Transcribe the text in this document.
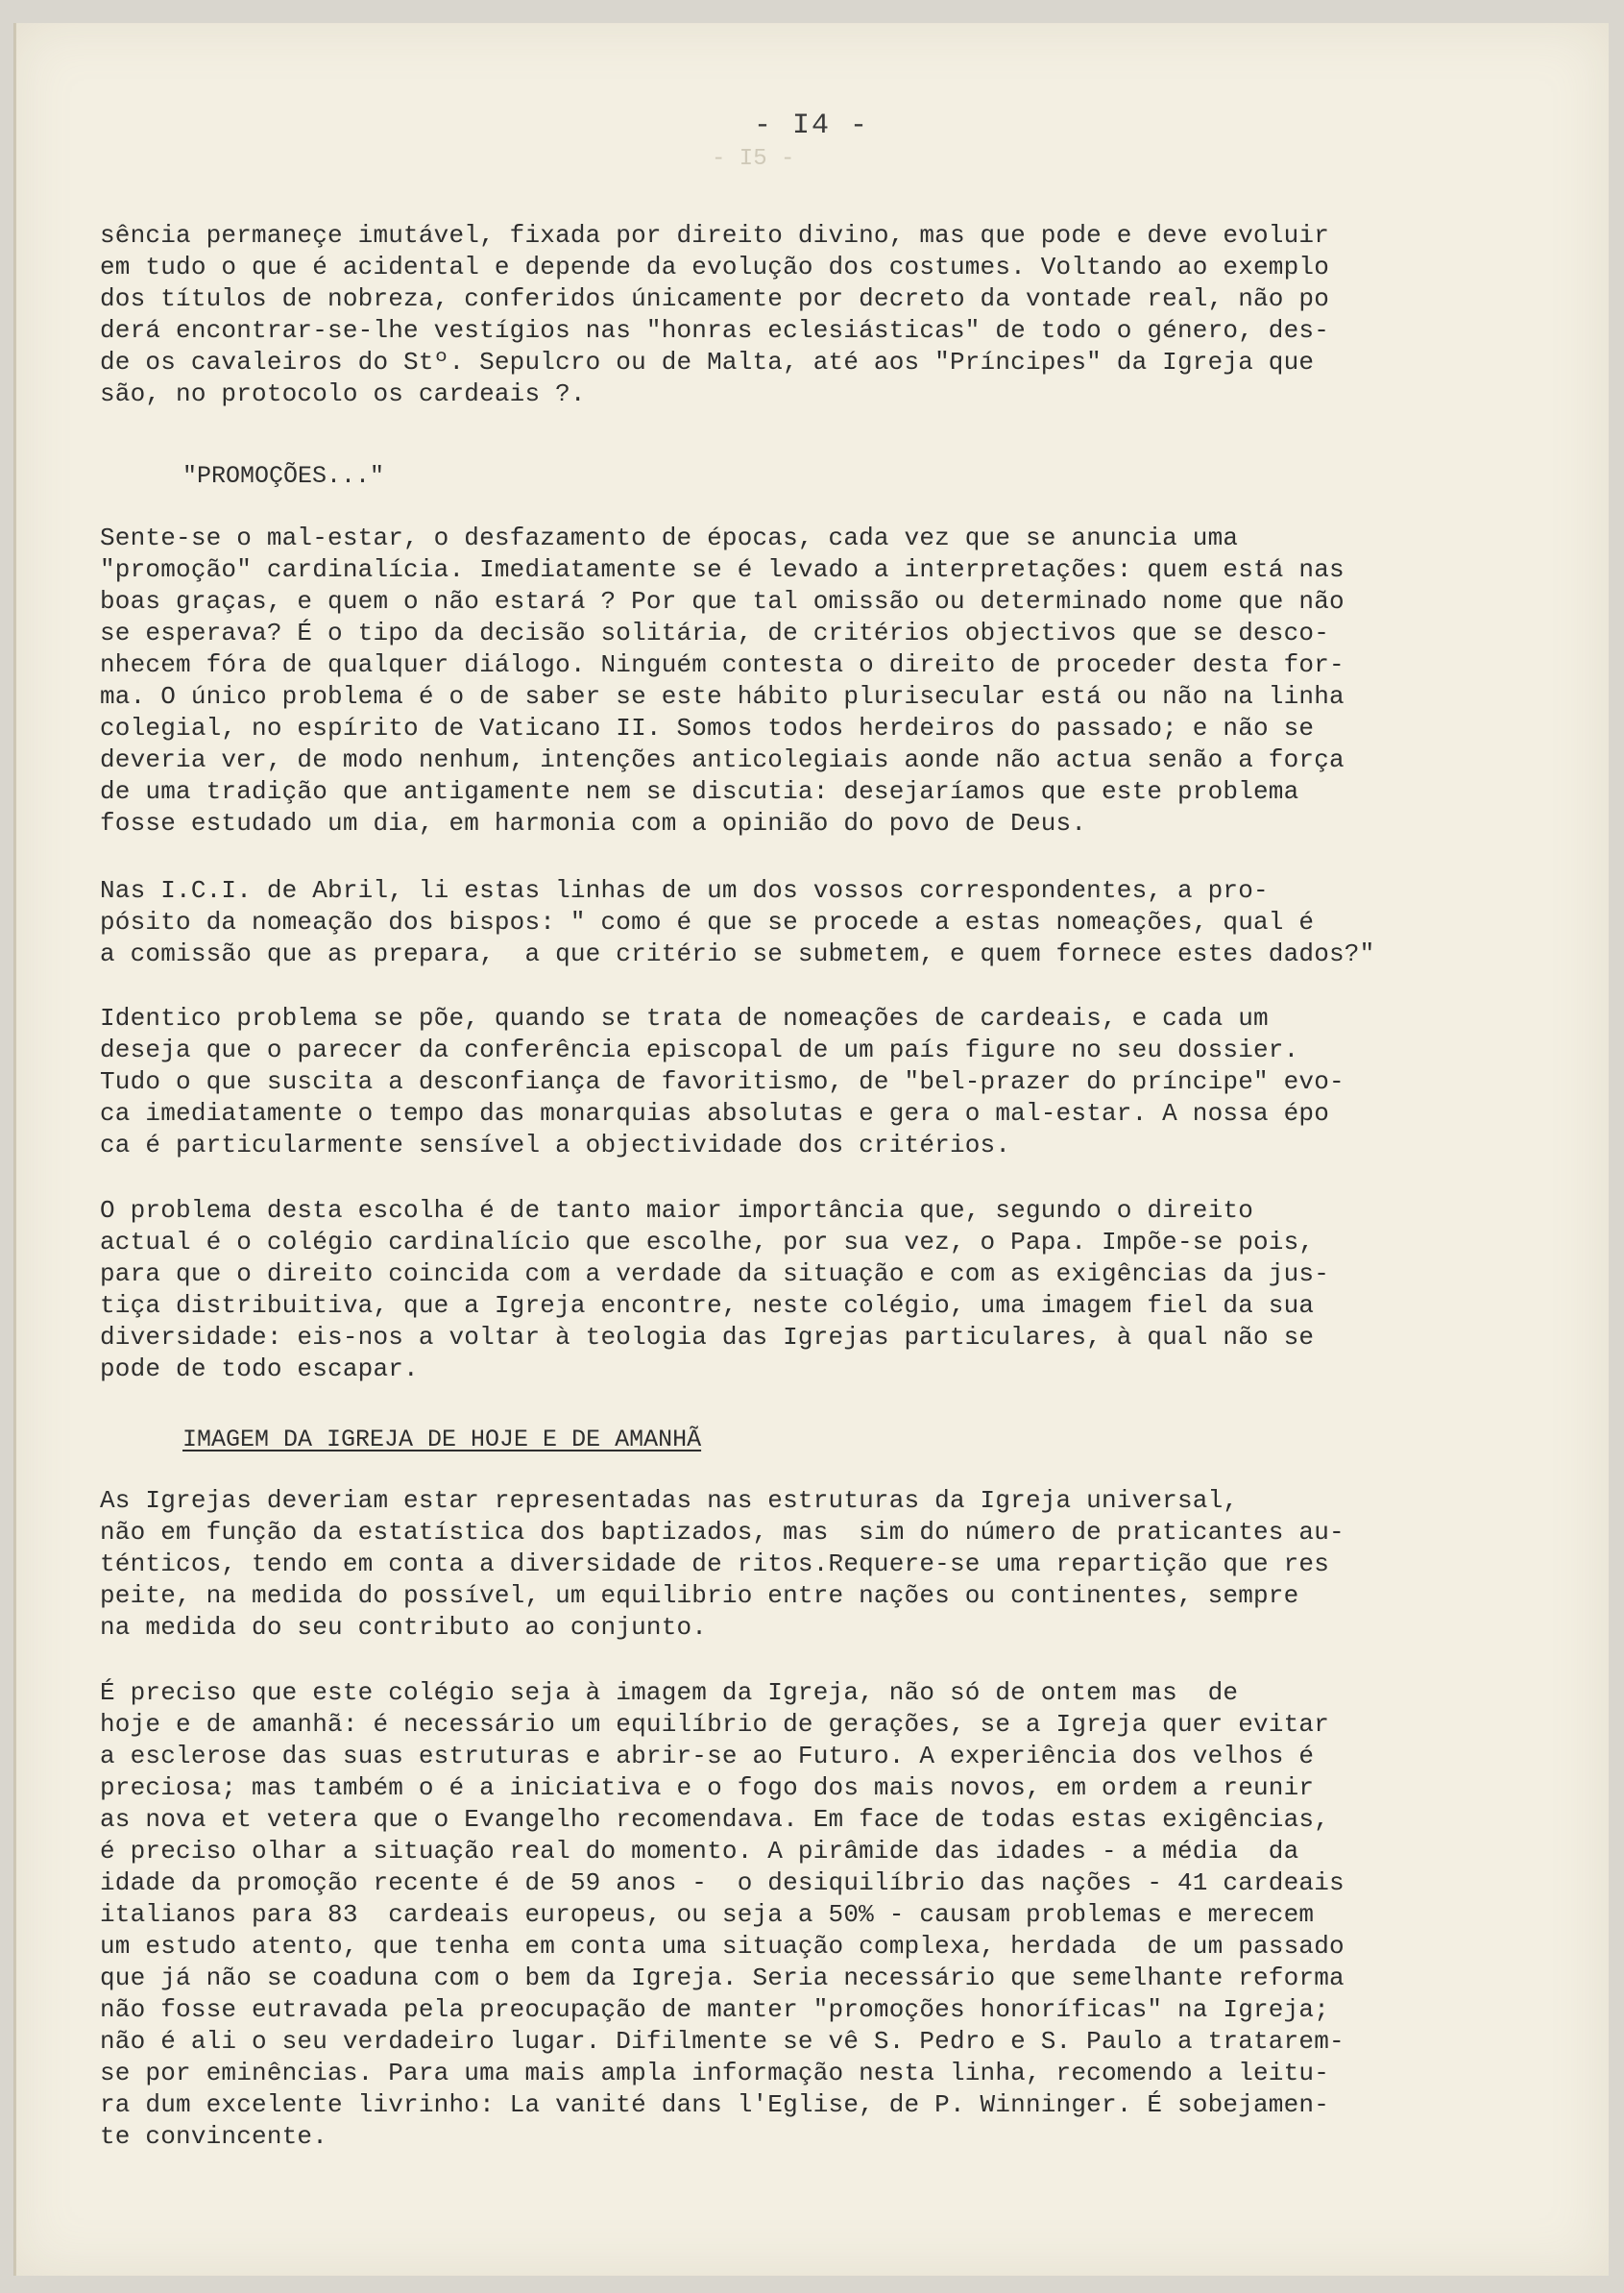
- I4 -
- I5 -
sência permaneçe imutável, fixada por direito divino, mas que pode e deve evoluir
em tudo o que é acidental e depende da evolução dos costumes. Voltando ao exemplo
dos títulos de nobreza, conferidos únicamente por decreto da vontade real, não po
derá encontrar-se-lhe vestígios nas "honras eclesiásticas" de todo o género, des-
de os cavaleiros do Stº. Sepulcro ou de Malta, até aos "Príncipes" da Igreja que
são, no protocolo os cardeais ?.
"PROMOÇÕES..."
Sente-se o mal-estar, o desfazamento de épocas, cada vez que se anuncia uma
"promoção" cardinalícia. Imediatamente se é levado a interpretações: quem está nas
boas graças, e quem o não estará ? Por que tal omissão ou determinado nome que não
se esperava? É o tipo da decisão solitária, de critérios objectivos que se desco-
nhecem fóra de qualquer diálogo. Ninguém contesta o direito de proceder desta for-
ma. O único problema é o de saber se este hábito plurisecular está ou não na linha
colegial, no espírito de Vaticano II. Somos todos herdeiros do passado; e não se
deveria ver, de modo nenhum, intenções anticolegiais aonde não actua senão a força
de uma tradição que antigamente nem se discutia: desejaríamos que este problema
fosse estudado um dia, em harmonia com a opinião do povo de Deus.
Nas I.C.I. de Abril, li estas linhas de um dos vossos correspondentes, a pro-
pósito da nomeação dos bispos: " como é que se procede a estas nomeações, qual é
a comissão que as prepara,  a que critério se submetem, e quem fornece estes dados?"
Identico problema se põe, quando se trata de nomeações de cardeais, e cada um
deseja que o parecer da conferência episcopal de um país figure no seu dossier.
Tudo o que suscita a desconfiança de favoritismo, de "bel-prazer do príncipe" evo-
ca imediatamente o tempo das monarquias absolutas e gera o mal-estar. A nossa épo
ca é particularmente sensível a objectividade dos critérios.
O problema desta escolha é de tanto maior importância que, segundo o direito
actual é o colégio cardinalício que escolhe, por sua vez, o Papa. Impõe-se pois,
para que o direito coincida com a verdade da situação e com as exigências da jus-
tiça distribuitiva, que a Igreja encontre, neste colégio, uma imagem fiel da sua
diversidade: eis-nos a voltar à teologia das Igrejas particulares, à qual não se
pode de todo escapar.
IMAGEM DA IGREJA DE HOJE E DE AMANHÃ
As Igrejas deveriam estar representadas nas estruturas da Igreja universal,
não em função da estatística dos baptizados, mas  sim do número de praticantes au-
ténticos, tendo em conta a diversidade de ritos.Requere-se uma repartição que res
peite, na medida do possível, um equilibrio entre nações ou continentes, sempre
na medida do seu contributo ao conjunto.
É preciso que este colégio seja à imagem da Igreja, não só de ontem mas  de
hoje e de amanhã: é necessário um equilíbrio de gerações, se a Igreja quer evitar
a esclerose das suas estruturas e abrir-se ao Futuro. A experiência dos velhos é
preciosa; mas também o é a iniciativa e o fogo dos mais novos, em ordem a reunir
as nova et vetera que o Evangelho recomendava. Em face de todas estas exigências,
é preciso olhar a situação real do momento. A pirâmide das idades - a média  da
idade da promoção recente é de 59 anos -  o desiquilíbrio das nações - 41 cardeais
italianos para 83  cardeais europeus, ou seja a 50% - causam problemas e merecem
um estudo atento, que tenha em conta uma situação complexa, herdada  de um passado
que já não se coaduna com o bem da Igreja. Seria necessário que semelhante reforma
não fosse eutravada pela preocupação de manter "promoções honoríficas" na Igreja;
não é ali o seu verdadeiro lugar. Difilmente se vê S. Pedro e S. Paulo a tratarem-
se por eminências. Para uma mais ampla informação nesta linha, recomendo a leitu-
ra dum excelente livrinho: La vanité dans l'Eglise, de P. Winninger. É sobejamen-
te convincente.
